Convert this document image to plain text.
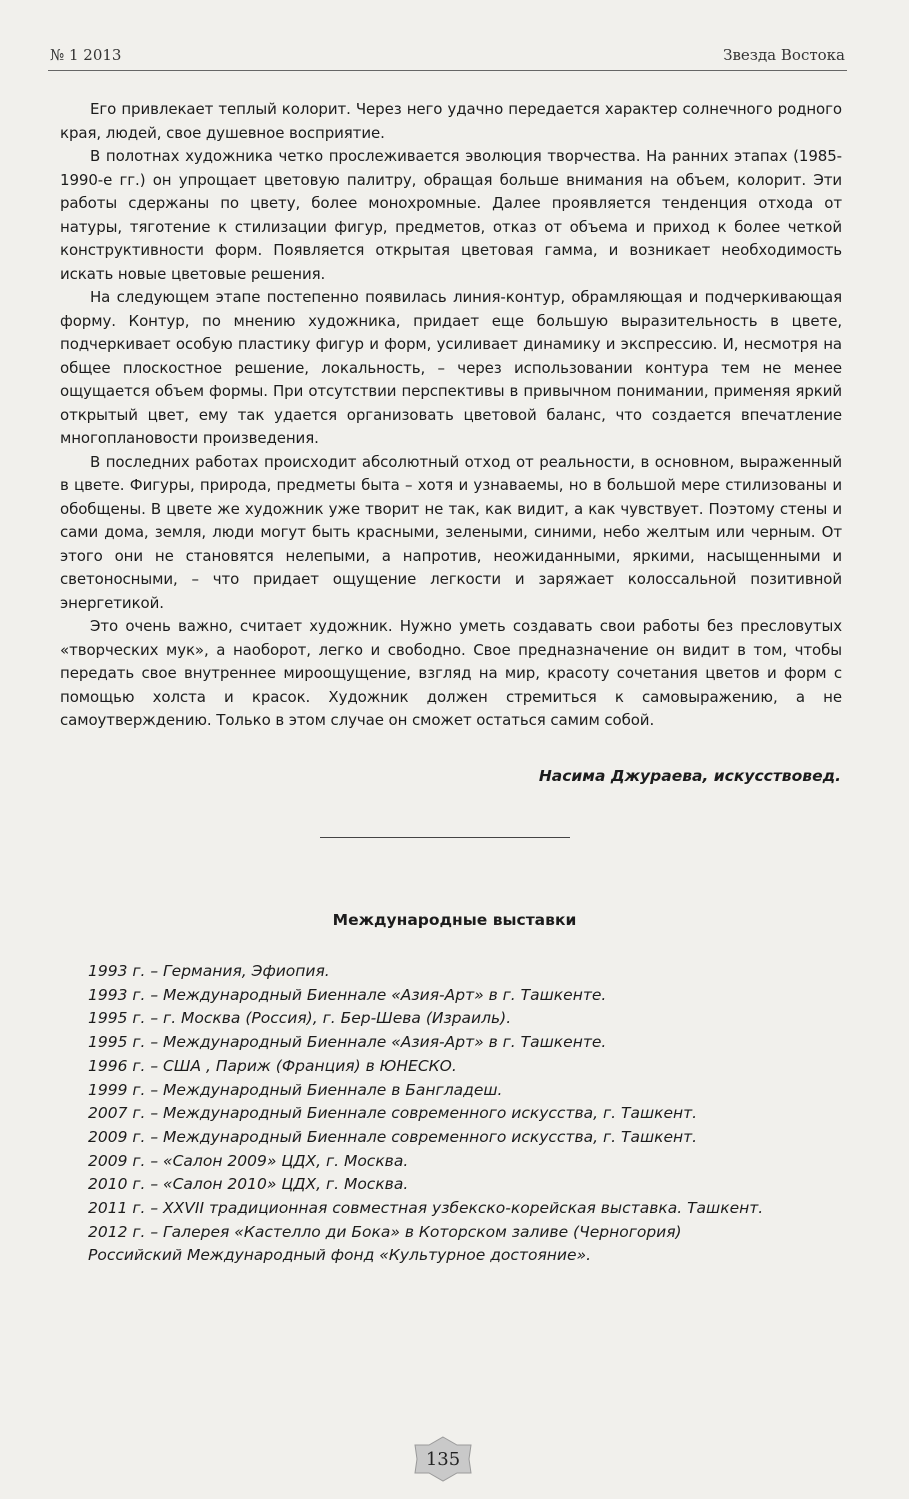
№ 1 2013	Звезда Востока

Его привлекает теплый колорит. Через него удачно передается характер солнечного родного края, людей, свое душевное восприятие.

В полотнах художника четко прослеживается эволюция творчества. На ранних этапах (1985-1990-е гг.) он упрощает цветовую палитру, обращая больше внимания на объем, колорит. Эти работы сдержаны по цвету, более монохромные. Далее проявляется тенденция отхода от натуры, тяготение к стилизации фигур, предметов, отказ от объема и приход к более четкой конструктивности форм. Появляется открытая цветовая гамма, и возникает необходимость искать новые цветовые решения.

На следующем этапе постепенно появилась линия-контур, обрамляющая и подчеркивающая форму. Контур, по мнению художника, придает еще большую выразительность в цвете, подчеркивает особую пластику фигур и форм, усиливает динамику и экспрессию. И, несмотря на общее плоскостное решение, локальность, – через использовании контура тем не менее ощущается объем формы. При отсутствии перспективы в привычном понимании, применяя яркий открытый цвет, ему так удается организовать цветовой баланс, что создается впечатление многоплановости произведения.

В последних работах происходит абсолютный отход от реальности, в основном, выраженный в цвете. Фигуры, природа, предметы быта – хотя и узнаваемы, но в большой мере стилизованы и обобщены. В цвете же художник уже творит не так, как видит, а как чувствует. Поэтому стены и сами дома, земля, люди могут быть красными, зелеными, синими, небо желтым или черным. От этого они не становятся нелепыми, а напротив, неожиданными, яркими, насыщенными и светоносными, – что придает ощущение легкости и заряжает колоссальной позитивной энергетикой.

Это очень важно, считает художник. Нужно уметь создавать свои работы без пресловутых «творческих мук», а наоборот, легко и свободно. Свое предназначение он видит в том, чтобы передать свое внутреннее мироощущение, взгляд на мир, красоту сочетания цветов и форм с помощью холста и красок. Художник должен стремиться к самовыражению, а не самоутверждению. Только в этом случае он сможет остаться самим собой.

Насима Джураева, искусствовед.
Международные выставки
1993 г. – Германия, Эфиопия.
1993 г. – Международный Биеннале «Азия-Арт» в г. Ташкенте.
1995 г. – г. Москва (Россия), г. Бер-Шева (Израиль).
1995 г. – Международный Биеннале «Азия-Арт» в г. Ташкенте.
1996 г. – США , Париж (Франция) в ЮНЕСКО.
1999 г. – Международный Биеннале в Бангладеш.
2007 г. – Международный Биеннале современного искусства, г. Ташкент.
2009 г. – Международный Биеннале современного искусства, г. Ташкент.
2009 г. – «Салон 2009» ЦДХ, г. Москва.
2010 г. – «Салон 2010» ЦДХ, г. Москва.
2011 г. – XXVII традиционная совместная узбекско-корейская выставка. Ташкент.
2012 г. – Галерея «Кастелло ди Бока» в Которском заливе (Черногория)
Российский Международный фонд «Культурное достояние».
135
